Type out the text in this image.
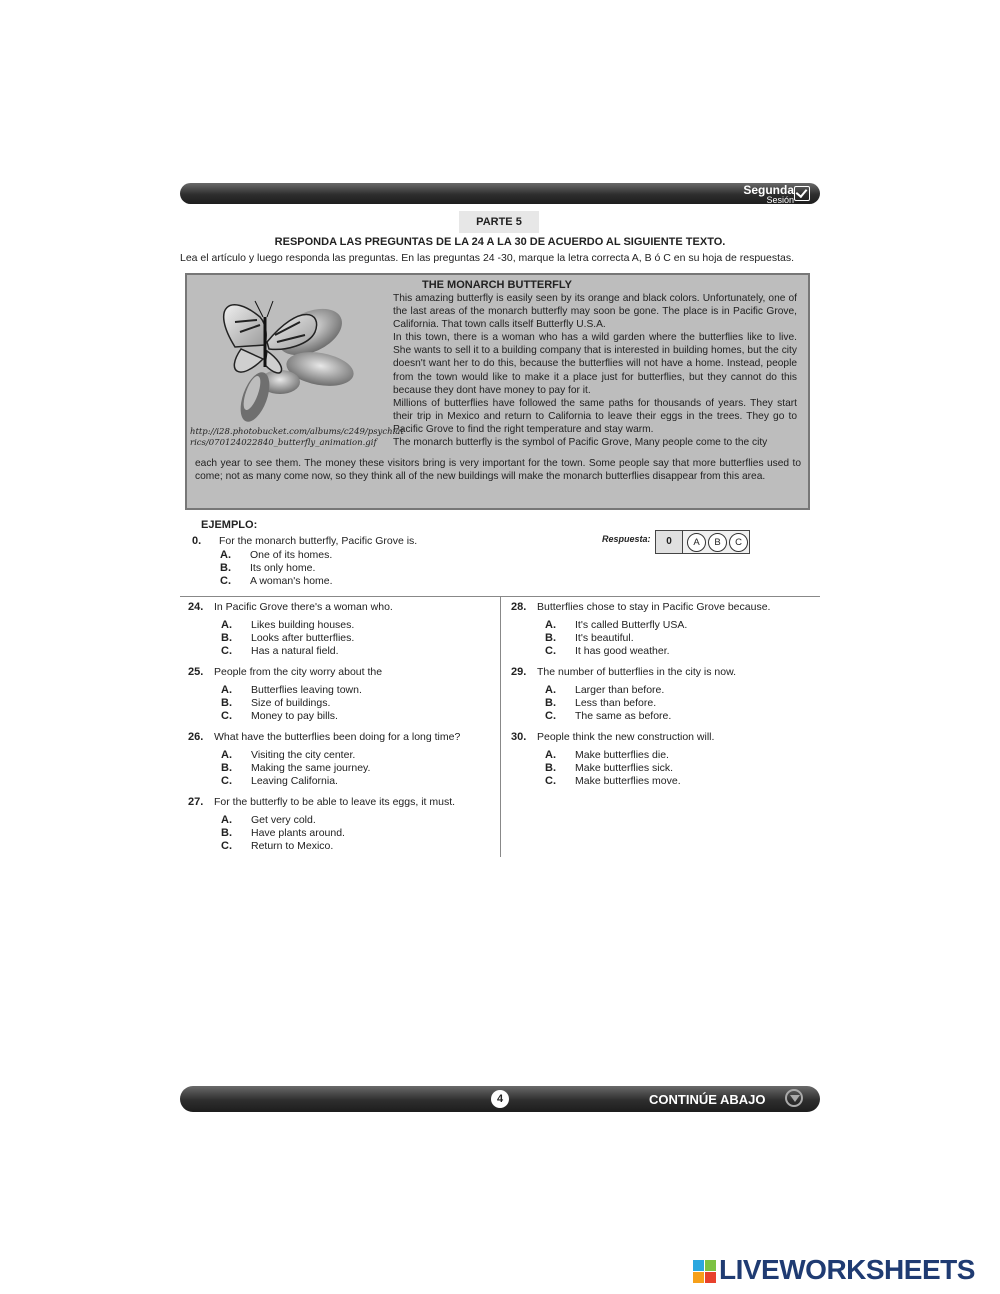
Segunda
Sesión
PARTE 5
RESPONDA LAS PREGUNTAS DE LA 24 A LA 30 DE ACUERDO AL SIGUIENTE TEXTO.
Lea el artículo y luego responda las preguntas. En las preguntas 24 -30, marque la letra correcta A, B ó C en su hoja de respuestas.
THE MONARCH BUTTERFLY
http://i28.photobucket.com/albums/c249/psychiat
rics/070124022840_butterfly_animation.gif

This amazing butterfly is easily seen by its orange and black colors. Unfortunately, one of the last areas of the monarch butterfly may soon be gone. The place is in Pacific Grove, California. That town calls itself Butterfly U.S.A.

In this town, there is a woman who has a wild garden where the butterflies like to live. She wants to sell it to a building company that is interested in building homes, but the city doesn't want her to do this, because the butterflies will not have a home. Instead, people from the town would like to make it a place just for butterflies, but they cannot do this because they dont have money to pay for it.

Millions of butterflies have followed the same paths for thousands of years. They start their trip in Mexico and return to California to leave their eggs in the trees. They go to Pacific Grove to find the right temperature and stay warm.

The monarch butterfly is the symbol of Pacific Grove, Many people come to the city

each year to see them. The money these visitors bring is very important for the town. Some people say that more butterflies used to come; not as many come now, so they think all of the new buildings will make the monarch butterflies disappear from this area.
EJEMPLO:
0. For the monarch butterfly, Pacific Grove is.
A. One of its homes.
B. Its only home.
C. A woman's home.
Respuesta:	0	A	B	C
24. In Pacific Grove there's a woman who.
A. Likes building houses.
B. Looks after butterflies.
C. Has a natural field.
25. People from the city worry about the
A. Butterflies leaving town.
B. Size of buildings.
C. Money to pay bills.
26. What have the butterflies been doing for a long time?
A. Visiting the city center.
B. Making the same journey.
C. Leaving California.
27. For the butterfly to be able to leave its eggs, it must.
A. Get very cold.
B. Have plants around.
C. Return to Mexico.
28. Butterflies chose to stay in Pacific Grove because.
A. It's called Butterfly USA.
B. It's beautiful.
C. It has good weather.
29. The number of butterflies in the city is now.
A. Larger than before.
B. Less than before.
C. The same as before.
30. People think the new construction will.
A. Make butterflies die.
B. Make butterflies sick.
C. Make butterflies move.
4	CONTINÚE ABAJO
LIVEWORKSHEETS
